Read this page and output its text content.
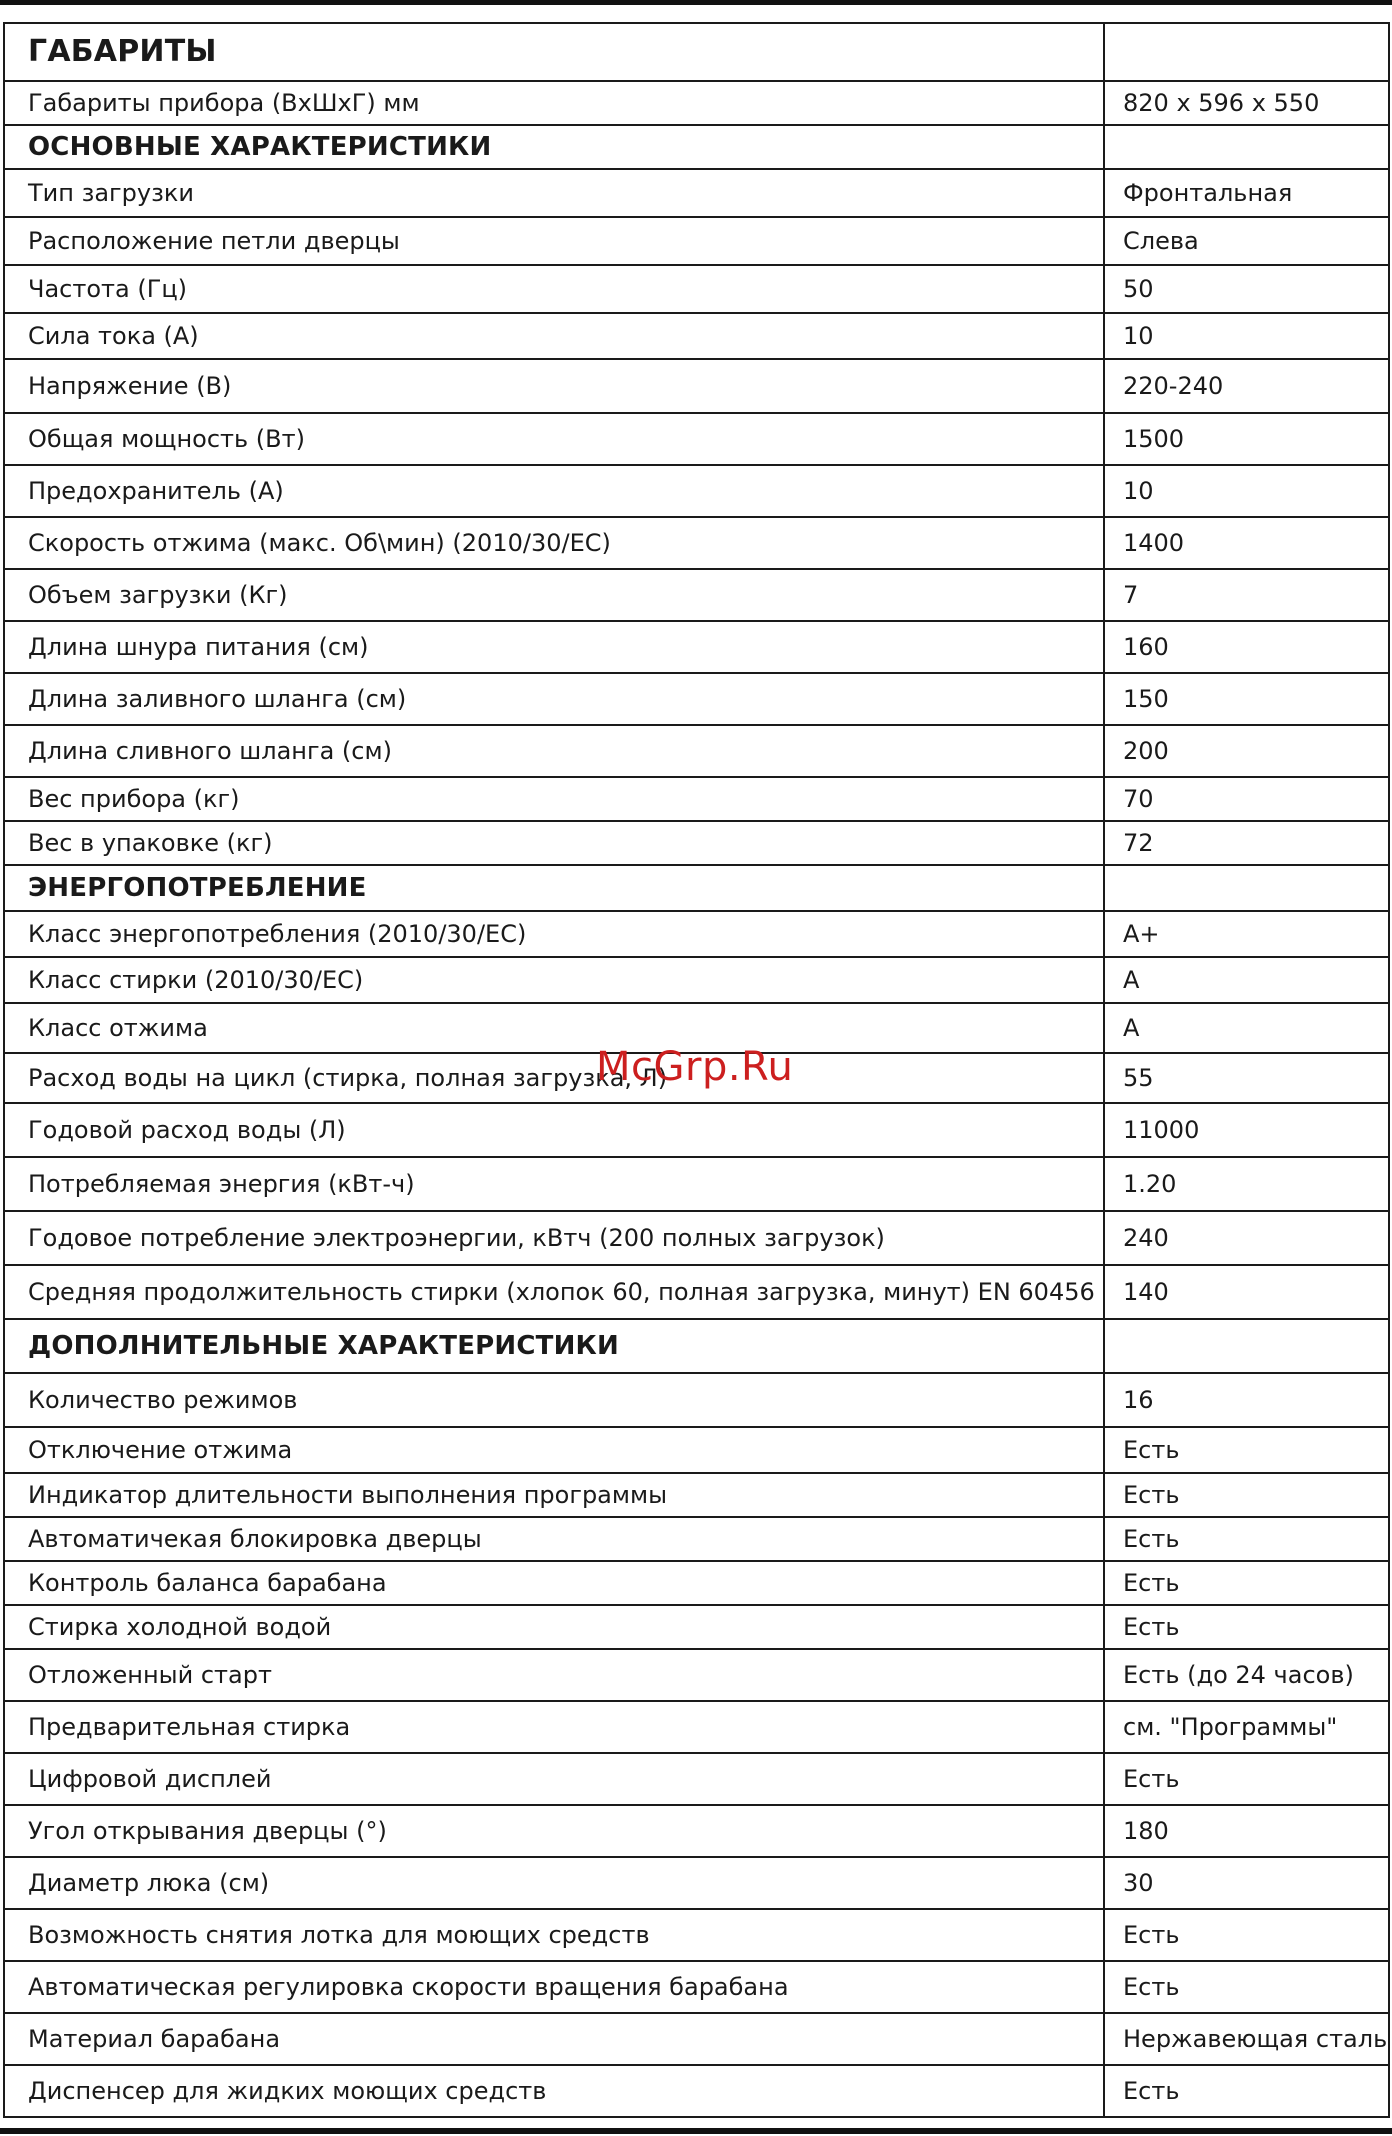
ГАБАРИТЫ	
Габариты прибора (ВхШхГ) мм	820 x 596 x 550
ОСНОВНЫЕ ХАРАКТЕРИСТИКИ	
Тип загрузки	Фронтальная
Расположение петли дверцы	Слева
Частота (Гц)	50
Сила тока (А)	10
Напряжение (В)	220-240
Общая мощность (Вт)	1500
Предохранитель (А)	10
Скорость отжима (макс. Об\мин) (2010/30/ЕС)	1400
Объем загрузки (Кг)	7
Длина шнура питания (см)	160
Длина заливного шланга (см)	150
Длина сливного шланга (см)	200
Вес прибора (кг)	70
Вес в упаковке (кг)	72
ЭНЕРГОПОТРЕБЛЕНИЕ	
Класс энергопотребления (2010/30/ЕС)	A+
Класс стирки (2010/30/ЕС)	A
Класс отжима	A
Расход воды на цикл (стирка, полная загрузка, Л)	55
Годовой расход воды (Л)	11000
Потребляемая энергия (кВт-ч)	1.20
Годовое потребление электроэнергии, кВтч (200 полных загрузок)	240
Средняя продолжительность стирки (хлопок 60, полная загрузка, минут) EN 60456	140
ДОПОЛНИТЕЛЬНЫЕ ХАРАКТЕРИСТИКИ	
Количество режимов	16
Отключение отжима	Есть
Индикатор длительности выполнения программы	Есть
Автоматичекая блокировка дверцы	Есть
Контроль баланса барабана	Есть
Стирка холодной водой	Есть
Отложенный старт	Есть (до 24 часов)
Предварительная стирка	см. "Программы"
Цифровой дисплей	Есть
Угол открывания дверцы (°)	180
Диаметр люка (см)	30
Возможность снятия лотка для моющих средств	Есть
Автоматическая регулировка скорости вращения барабана	Есть
Материал барабана	Нержавеющая сталь
Диспенсер для жидких моющих средств	Есть
McGrp.Ru
